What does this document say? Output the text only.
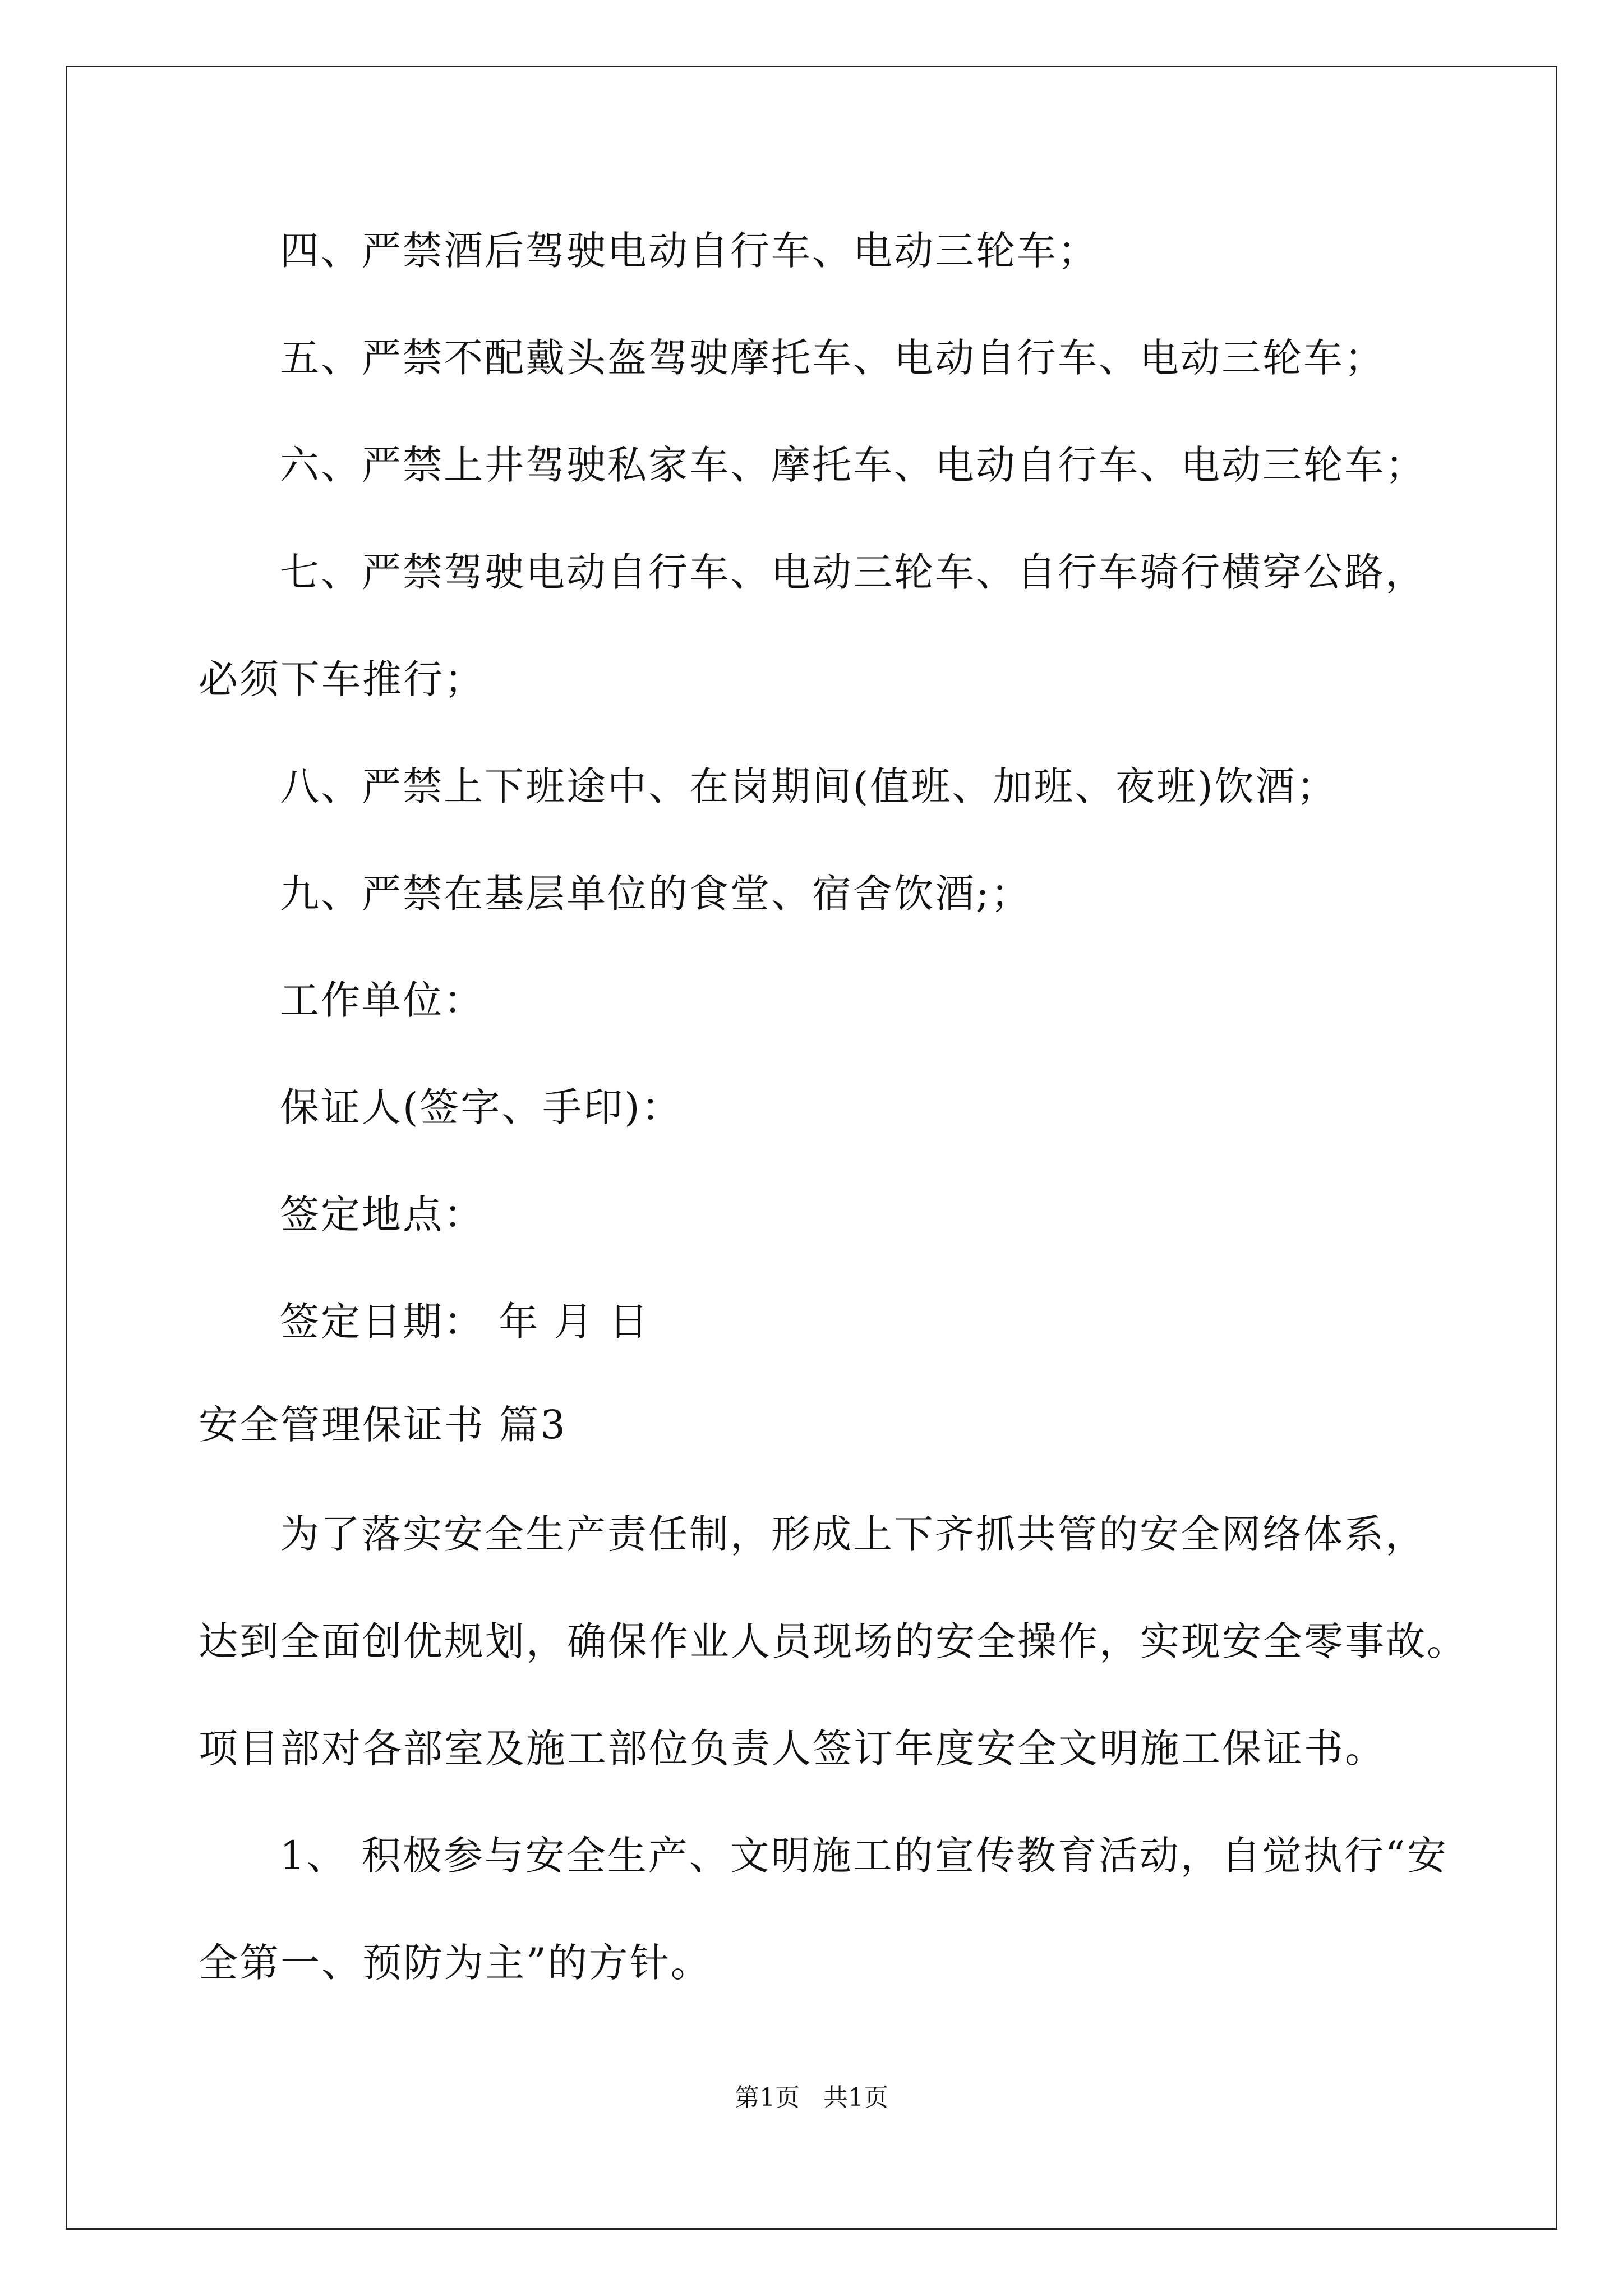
四、严禁酒后驾驶电动自行车、电动三轮车；
五、严禁不配戴头盔驾驶摩托车、电动自行车、电动三轮车；
六、严禁上井驾驶私家车、摩托车、电动自行车、电动三轮车；
七、严禁驾驶电动自行车、电动三轮车、自行车骑行横穿公路，
必须下车推行；
八、严禁上下班途中、在岗期间(值班、加班、夜班)饮酒；
九、严禁在基层单位的食堂、宿舍饮酒;；
工作单位：
保证人(签字、手印)：
签定地点：
签定日期： 年 月 日
安全管理保证书 篇3
为了落实安全生产责任制，形成上下齐抓共管的安全网络体系，
达到全面创优规划，确保作业人员现场的安全操作，实现安全零事故。
项目部对各部室及施工部位负责人签订年度安全文明施工保证书。
1、 积极参与安全生产、文明施工的宣传教育活动，自觉执行“安
全第一、预防为主”的方针。
第1页   共1页
